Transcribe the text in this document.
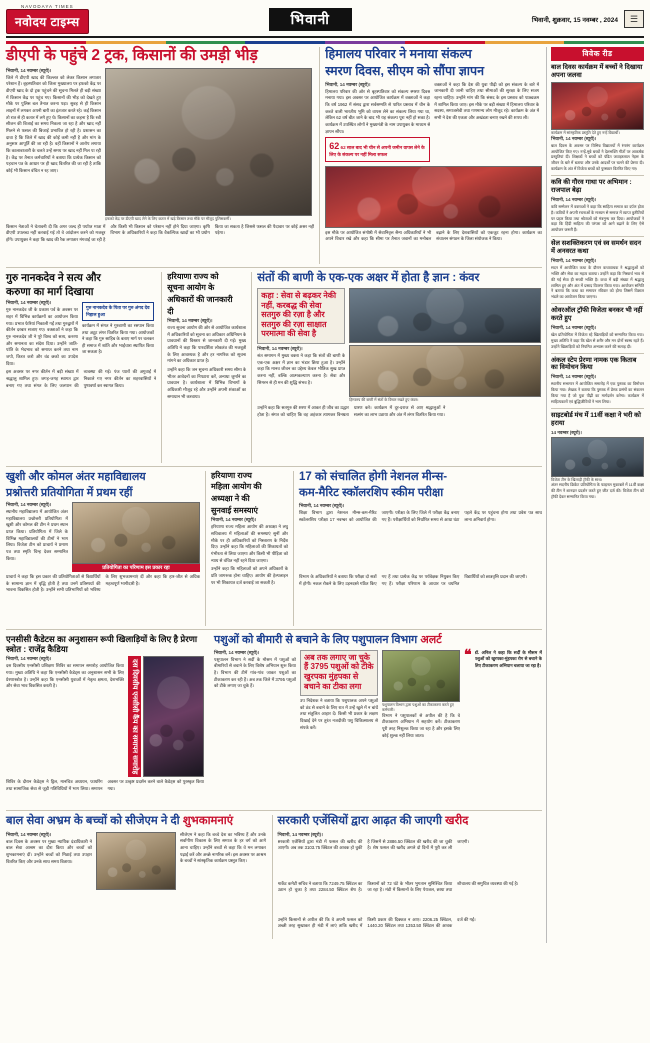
NAVODAYA TIMES
नवोदय टाइम्स	भिवानी	भिवानी, शुक्रवार, 15 नवम्बर , 2024	☰
डीएपी के पहुंचे 2 ट्रक, किसानों की उमड़ी भीड़
भिवानी, 14 नवम्बर (ब्यूरो)।
जिले में डीएपी खाद की किल्लत को लेकर किसान लगातार परेशान हैं। बृहस्पतिवार को जिला मुख्यालय पर इफको केंद्र पर डीएपी खाद के दो ट्रक पहुंचने की सूचना मिलते ही बड़ी संख्या में किसान केंद्र पर पहुंच गए। किसानों की भीड़ को देखते हुए मौके पर पुलिस बल तैनात करना पड़ा। सुबह से ही किसान लाइनों में लगकर अपनी बारी का इंतजार करते रहे। कई किसान तो रात से ही कतार में लगे हुए थे। किसानों का कहना है कि रबी सीजन की बिजाई का समय निकला जा रहा है और खाद नहीं मिलने से फसल की बिजाई प्रभावित हो रही है। प्रशासन का दावा है कि जिले में खाद की कोई कमी नहीं है और मांग के अनुसार आपूर्ति की जा रही है। वहीं किसानों ने आरोप लगाया कि कालाबाजारी के चलते उन्हें समय पर खाद नहीं मिल पा रही है। केंद्र पर तैनात कर्मचारियों ने बताया कि प्रत्येक किसान को पहचान पत्र के आधार पर ही खाद वितरित की जा रही है ताकि कोई भी किसान वंचित न रह जाए।
इफको केंद्र पर डीएपी खाद लेने के लिए कतार में खड़े किसान तथा मौके पर मौजूद पुलिसकर्मी।
किसान नेताओं ने चेतावनी दी कि अगर जल्द ही पर्याप्त मात्रा में डीएपी उपलब्ध नहीं करवाई गई तो वे आंदोलन करने को मजबूर होंगे। उपायुक्त ने कहा कि खाद की रैक लगातार मंगवाई जा रही है और किसी भी किसान को परेशान नहीं होने दिया जाएगा। कृषि विभाग के अधिकारियों ने कहा कि वैकल्पिक खादों का भी प्रयोग किया जा सकता है जिससे फसल की पैदावार पर कोई असर नहीं पड़ेगा।
हिमालय परिवार ने मनाया संकल्प
स्मरण दिवस, सीएम को सौंपा ज्ञापन
भिवानी, 14 नवम्बर (ब्यूरो)।
हिमालय परिवार की ओर से बृहस्पतिवार को संकल्प स्मरण दिवस मनाया गया। इस अवसर पर आयोजित कार्यक्रम में वक्ताओं ने कहा कि वर्ष 1962 में संसद द्वारा सर्वसम्मति से पारित प्रस्ताव में चीन के कब्जे वाली भारतीय भूमि को वापस लेने का संकल्प लिया गया था, लेकिन 62 वर्ष बीत जाने के बाद भी यह संकल्प पूरा नहीं हो सका है। कार्यक्रम में उपस्थित लोगों ने मुख्यमंत्री के नाम उपायुक्त के माध्यम से ज्ञापन सौंपा।
62 62 साल बाद भी चीन से अपनी जमीन वापस लेने के लिए के संकल्प पर नहीं मिला सफल
वक्ताओं ने कहा कि देश की युवा पीढ़ी को इस संकल्प के बारे में जानकारी दी जानी चाहिए तथा सीमाओं की सुरक्षा के लिए सजग रहना चाहिए। उन्होंने मांग की कि संसद के इस प्रस्ताव को पाठ्यक्रम में शामिल किया जाए। इस मौके पर बड़ी संख्या में हिमालय परिवार के सदस्य, समाजसेवी तथा गणमान्य लोग मौजूद रहे। कार्यक्रम के अंत में सभी ने देश की एकता और अखंडता बनाए रखने की शपथ ली।
इस मौके पर आयोजित संगोष्ठी में सेवानिवृत्त सैन्य अधिकारियों ने भी अपने विचार रखे और कहा कि सीमा पर तैनात जवानों का मनोबल बढ़ाने के लिए देशवासियों को एकजुट रहना होगा। कार्यक्रम का संचालन संगठन के जिला संयोजक ने किया।
गुरु नानकदेव ने सत्य और
करुणा का मार्ग दिखाया
भिवानी, 14 नवम्बर (ब्यूरो)।
गुरु नानकदेव जी के प्रकाश पर्व के अवसर पर शहर में विभिन्न कार्यक्रमों का आयोजन किया गया। प्रभात फेरियां निकाली गईं तथा गुरुद्वारों में कीर्तन दरबार सजाए गए। वक्ताओं ने कहा कि गुरु नानकदेव जी ने पूरे विश्व को सत्य, करुणा और समानता का संदेश दिया। उन्होंने जाति-पांति के भेदभाव को समाप्त करने तथा नाम जपो, किरत करो और वंड छको का उपदेश दिया।
गुरु नानकदेव के पिता पर गुरु अंगद देव निहाल हुआ
कार्यक्रम में संगत ने गुरबाणी का रसपान किया तथा अटूट लंगर वितरित किया गया। आयोजकों ने कहा कि गुरु साहिब के बताए मार्ग पर चलकर ही समाज में शांति और भाईचारा स्थापित किया जा सकता है।
इस अवसर पर नगर कीर्तन में बड़ी संख्या में श्रद्धालु शामिल हुए। जगह-जगह स्वागत द्वार बनाए गए तथा संगत के लिए जलपान की व्यवस्था की गई। पंज प्यारों की अगुवाई में निकाले गए नगर कीर्तन का शहरवासियों ने पुष्पवर्षा कर स्वागत किया।
हरियाणा राज्य को
सूचना आयोग के
अधिकारों की जानकारी
दी
भिवानी, 14 नवम्बर (ब्यूरो)।
राज्य सूचना आयोग की ओर से आयोजित कार्यशाला में अधिकारियों को सूचना का अधिकार अधिनियम के प्रावधानों की विस्तार से जानकारी दी गई। मुख्य अतिथि ने कहा कि पारदर्शिता लोकतंत्र की मजबूती के लिए आवश्यक है और हर नागरिक को सूचना मांगने का अधिकार प्राप्त है।
उन्होंने कहा कि जन सूचना अधिकारी समय सीमा के भीतर आवेदनों का निपटारा करें, अन्यथा जुर्माने का प्रावधान है। कार्यशाला में विभिन्न विभागों के अधिकारी मौजूद रहे और उन्होंने अपनी शंकाओं का समाधान भी करवाया।
संतों की बाणी के एक-एक अक्षर में होता है ज्ञान : कंवर
कहा : सेवा से बढ़कर नेकी नहीं, करबद्ध की सेवा सतगुरु की रज़ा है और सतगुरु की रज़ा साक्षात परमात्मा की सेवा है
भिवानी, 14 नवम्बर (ब्यूरो)।
संत समागम में मुख्य वक्ता ने कहा कि संतों की बाणी के एक-एक अक्षर में ज्ञान का भंडार छिपा हुआ है। उन्होंने कहा कि मानव जीवन का उद्देश्य केवल भौतिक सुख प्राप्त करना नहीं, बल्कि आत्मकल्याण करना है। सेवा और सिमरन से ही मन की शुद्धि संभव है।
हिमालय की बाणी में संतों के विचार रखते हुए कंवर।
उन्होंने कहा कि सतगुरु की शरण में आकर ही जीव का उद्धार होता है। संगत को चाहिए कि वह अहंकार त्यागकर विनम्रता धारण करे। कार्यक्रम में दूर-दराज से आए श्रद्धालुओं ने सत्संग का लाभ उठाया और अंत में लंगर वितरित किया गया।
खुशी और कोमल अंतर महाविद्यालय
प्रश्नोत्तरी प्रतियोगिता में प्रथम रहीं
भिवानी, 14 नवम्बर (ब्यूरो)।
स्थानीय महाविद्यालय में आयोजित अंतर महाविद्यालय प्रश्नोत्तरी प्रतियोगिता में खुशी और कोमल की टीम ने प्रथम स्थान प्राप्त किया। प्रतियोगिता में जिले के विभिन्न महाविद्यालयों की टीमों ने भाग लिया। विजेता टीम को प्राचार्य ने प्रमाण पत्र तथा स्मृति चिन्ह देकर सम्मानित किया।
प्रतियोगिता का परिणाम इस प्रकार रहा
प्राचार्य ने कहा कि इस प्रकार की प्रतियोगिताओं से विद्यार्थियों के सामान्य ज्ञान में वृद्धि होती है तथा उनमें प्रतिस्पर्धा की भावना विकसित होती है। उन्होंने सभी प्रतिभागियों को भविष्य के लिए शुभकामनाएं दीं और कहा कि हार-जीत से अधिक महत्वपूर्ण भागीदारी है।
हरियाणा राज्य
महिला आयोग की
अध्यक्षा ने की
सुनवाई समस्याएं
भिवानी, 14 नवम्बर (ब्यूरो)।
हरियाणा राज्य महिला आयोग की अध्यक्षा ने लघु सचिवालय में महिलाओं की समस्याएं सुनीं और मौके पर ही अधिकारियों को निस्तारण के निर्देश दिए। उन्होंने कहा कि महिलाओं की शिकायतों को गंभीरता से लिया जाएगा और किसी भी पीड़िता को न्याय से वंचित नहीं रहने दिया जाएगा।
उन्होंने कहा कि महिलाओं को अपने अधिकारों के प्रति जागरूक होना चाहिए। आयोग की हेल्पलाइन पर भी शिकायत दर्ज करवाई जा सकती है।
17 को संचालित होगी नेशनल मीन्स-
कम-मैरिट स्कॉलरशिप स्कीम परीक्षा
भिवानी, 14 नवम्बर (ब्यूरो)।
शिक्षा विभाग द्वारा नेशनल मीन्स-कम-मैरिट स्कॉलरशिप परीक्षा 17 नवम्बर को आयोजित की जाएगी। परीक्षा के लिए जिले में परीक्षा केंद्र बनाए गए हैं। परीक्षार्थियों को निर्धारित समय से आधा घंटा पहले केंद्र पर पहुंचना होगा तथा प्रवेश पत्र साथ लाना अनिवार्य होगा।
विभाग के अधिकारियों ने बताया कि परीक्षा दो सत्रों में होगी। नकल रोकने के लिए उड़नदस्ते गठित किए गए हैं तथा प्रत्येक केंद्र पर पर्यवेक्षक नियुक्त किए गए हैं। परीक्षा परिणाम के आधार पर चयनित विद्यार्थियों को छात्रवृत्ति प्रदान की जाएगी।
एनसीसी कैडेटस का अनुशासन रूपी खिलाड़ियों के लिए है प्रेरणा स्त्रोत : राजेंद्र कैडिया
भिवानी, 14 नवम्बर (ब्यूरो)।
दस दिवसीय एनसीसी प्रशिक्षण शिविर का समापन समारोह आयोजित किया गया। मुख्य अतिथि ने कहा कि एनसीसी कैडेट्स का अनुशासन सभी के लिए प्रेरणास्त्रोत है। उन्होंने कहा कि एनसीसी युवाओं में नेतृत्व क्षमता, देशभक्ति और सेवा भाव विकसित करती है।	दस दिवसीय एनसीसी कैंप का समापन समारोह
शिविर के दौरान कैडेट्स ने ड्रिल, मानचित्र अध्ययन, फायरिंग तथा सामाजिक सेवा से जुड़ी गतिविधियों में भाग लिया। समापन अवसर पर उत्कृष्ट प्रदर्शन करने वाले कैडेट्स को पुरस्कृत किया गया।
पशुओं को बीमारी से बचाने के लिए पशुपालन विभाग अलर्ट
भिवानी, 14 नवम्बर (ब्यूरो)।
पशुपालन विभाग ने सर्दी के मौसम में पशुओं को बीमारियों से बचाने के लिए विशेष अभियान शुरू किया है। विभाग की टीमें गांव-गांव जाकर पशुओं का टीकाकरण कर रही हैं। अब तक जिले में 3795 पशुओं को टीके लगाए जा चुके हैं।
अब तक लगाए जा चुके हैं 3795 पशुओं को टीके खुरपका मुंहपका से बचाने का टीका लगा
उप निदेशक ने बताया कि पशुपालक अपने पशुओं को ठंड से बचाने के लिए रात में उन्हें खुले में न बांधें तथा संतुलित आहार दें। किसी भी प्रकार के लक्षण दिखाई देने पर तुरंत नजदीकी पशु चिकित्सालय से संपर्क करें।
पशुपालन विभाग द्वारा पशुओं का टीकाकरण करते हुए कर्मचारी।
विभाग ने पशुपालकों से अपील की है कि वे टीकाकरण अभियान में सहयोग करें। टीकाकरण पूरी तरह निशुल्क किया जा रहा है और इसके लिए कोई शुल्क नहीं लिया जाता।
❝ डॉ. अनिल ने कहा कि सर्दी के मौसम में पशुओं को खुरपका-मुंहपका रोग से बचाने के लिए टीकाकरण अभियान चलाया जा रहा है।
बाल सेवा अभ्रम के बच्चों को सीजेएम ने दी शुभकामनाएं
भिवानी, 14 नवम्बर (ब्यूरो)।
बाल दिवस के अवसर पर मुख्य न्यायिक दंडाधिकारी ने बाल सेवा आश्रम का दौरा किया और बच्चों को शुभकामनाएं दीं। उन्होंने बच्चों को मिठाई तथा उपहार वितरित किए और उनके साथ समय बिताया।
सीजेएम ने कहा कि बच्चे देश का भविष्य हैं और उनके सर्वांगीण विकास के लिए समाज के हर वर्ग को आगे आना चाहिए। उन्होंने बच्चों से कहा कि वे मन लगाकर पढ़ाई करें और अच्छे नागरिक बनें। इस अवसर पर आश्रम के बच्चों ने सांस्कृतिक कार्यक्रम प्रस्तुत किए।
सरकारी एजेंसियों द्वारा आढ़त की जाएगी खरीद
भिवानी, 14 नवम्बर (ब्यूरो)।
सरकारी एजेंसियों द्वारा मंडी में फसल की खरीद की जाएगी। अब तक 3103.75 क्विंटल की आवक हो चुकी है जिसमें से 2886.50 क्विंटल की खरीद की जा चुकी है। शेष फसल की खरीद अगले दो दिनों में पूरी कर ली जाएगी।
मार्केट कमेटी सचिव ने बताया कि 7249.75 क्विंटल का उठान हो चुका है तथा 2284.50 क्विंटल शेष है। किसानों को 72 घंटे के भीतर भुगतान सुनिश्चित किया जा रहा है। मंडी में किसानों के लिए पेयजल, छाया तथा शौचालय की समुचित व्यवस्था की गई है।
उन्होंने किसानों से अपील की कि वे अपनी फसल को अच्छी तरह सुखाकर ही मंडी में लाएं ताकि खरीद में किसी प्रकार की दिक्कत न आए। 2206.25 क्विंटल, 1440.20 क्विंटल तथा 1353.50 क्विंटल की आवक दर्ज की गई।
विवेक रीड
बाल दिवस कार्यक्रम में बच्चों ने दिखाया अपना जलवा
कार्यक्रम में सांस्कृतिक प्रस्तुति देते हुए नन्हें विद्यार्थी।
भिवानी, 14 नवम्बर (ब्यूरो)।
बाल दिवस के अवसर पर विभिन्न विद्यालयों में रंगारंग कार्यक्रम आयोजित किए गए। नन्हें-मुन्ने बच्चों ने देशभक्ति गीतों पर आकर्षक प्रस्तुतियां दीं। शिक्षकों ने बच्चों को पंडित जवाहरलाल नेहरू के जीवन के बारे में बताया और उनके आदर्शों पर चलने की प्रेरणा दी। कार्यक्रम के अंत में विजेता बच्चों को पुरस्कार वितरित किए गए।
कवि की गौरव गाथा पर अभिमान : राजपाल बेढ़ा
भिवानी, 14 नवम्बर (ब्यूरो)।
कवि सम्मेलन में वक्ताओं ने कहा कि साहित्य समाज का दर्पण होता है। कवियों ने अपनी रचनाओं के माध्यम से समाज में व्याप्त कुरीतियों पर प्रहार किया तथा श्रोताओं को मंत्रमुग्ध कर दिया। आयोजकों ने कहा कि हिंदी साहित्य की परंपरा को आगे बढ़ाने के लिए ऐसे आयोजन जरूरी हैं।
सेल सशक्तिकरण एवं स्व समर्थन सदन में अनवरत कथा
भिवानी, 14 नवम्बर (ब्यूरो)।
सदन में आयोजित कथा के दौरान कथावाचक ने श्रद्धालुओं को भक्ति और सेवा का महत्व बताया। उन्होंने कहा कि निस्वार्थ भाव से की गई सेवा ही सच्ची भक्ति है। कथा में बड़ी संख्या में श्रद्धालु शामिल हुए और अंत में प्रसाद वितरण किया गया। आयोजन समिति ने बताया कि कथा का समापन रविवार को होगा जिसमें विशाल भंडारे का आयोजन किया जाएगा।
ओवरऑल ट्रॉफी विजेता बनकर भी नहीं करते हुए
भिवानी, 14 नवम्बर (ब्यूरो)।
खेल प्रतियोगिता में विजेता रहे खिलाड़ियों को सम्मानित किया गया। मुख्य अतिथि ने कहा कि खेल से शरीर और मन दोनों स्वस्थ रहते हैं। उन्होंने खिलाड़ियों को नियमित अभ्यास करने की सलाह दी।
अंकल स्टेप प्रेरणा नामक एक किताब का विमोचन किया
भिवानी, 14 नवम्बर (ब्यूरो)।
स्थानीय सभागार में आयोजित समारोह में एक पुस्तक का विमोचन किया गया। लेखक ने बताया कि पुस्तक में प्रेरक प्रसंगों का संकलन किया गया है जो युवा पीढ़ी का मार्गदर्शन करेगा। कार्यक्रम में साहित्यकारों एवं बुद्धिजीवियों ने भाग लिया।
साइटबोर्ड मंच में 11वीं कक्षा ने भरी को हराया
14 नवम्बर (ब्यूरो)।
विजेता टीम के खिलाड़ी ट्रॉफी के साथ।
अंतर सदनीय क्रिकेट प्रतियोगिता के फाइनल मुकाबले में 11वीं कक्षा की टीम ने शानदार प्रदर्शन करते हुए जीत दर्ज की। विजेता टीम को ट्रॉफी देकर सम्मानित किया गया।
